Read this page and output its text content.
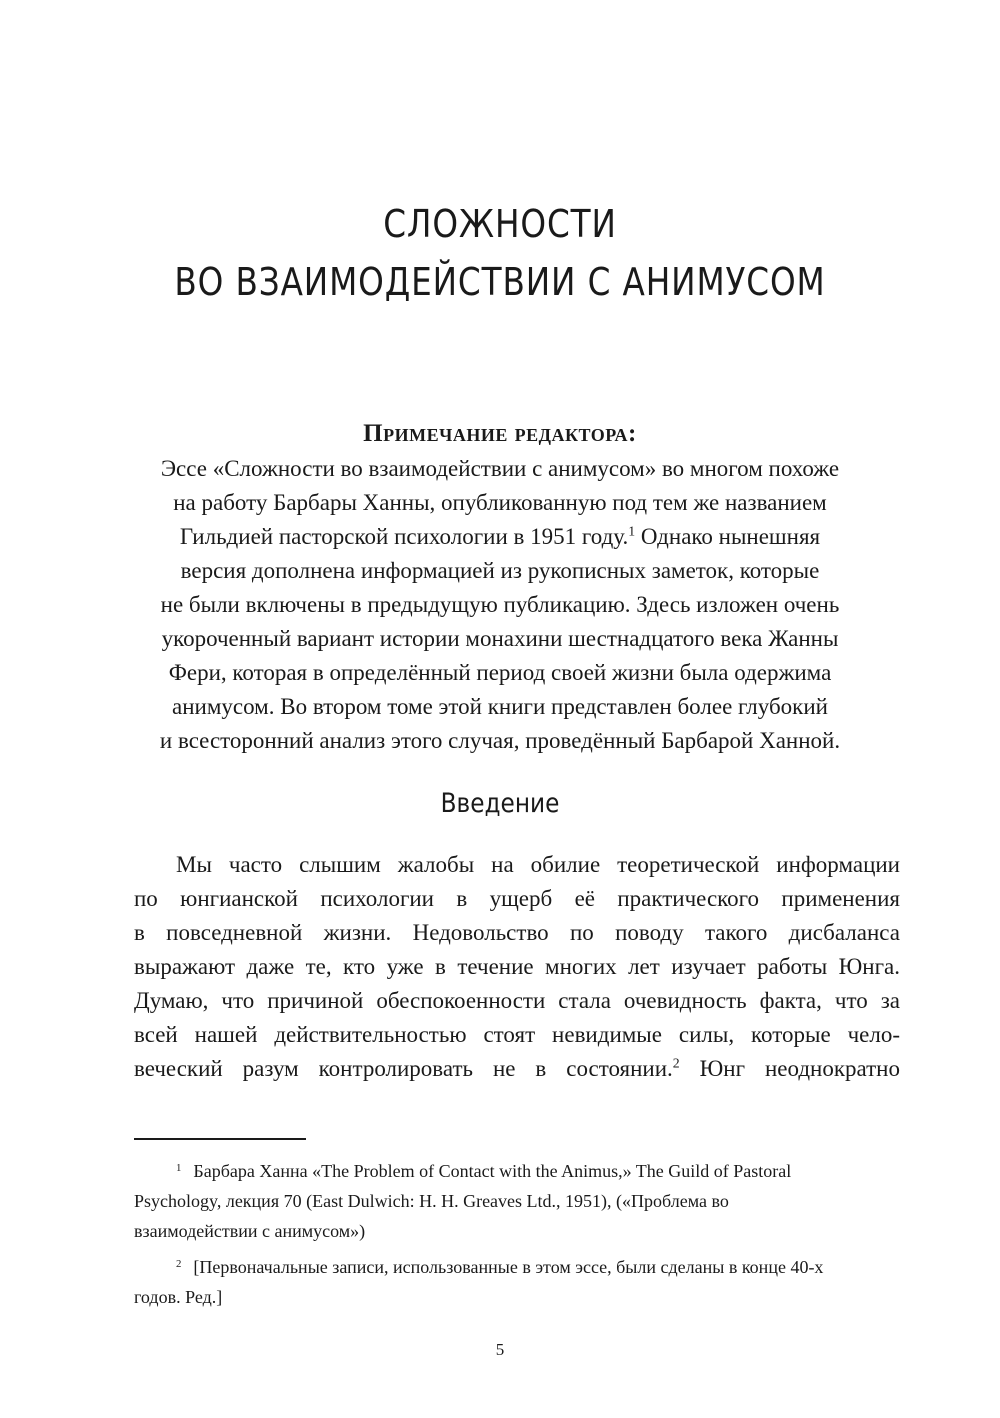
СЛОЖНОСТИ
ВО ВЗАИМОДЕЙСТВИИ С АНИМУСОМ
Примечание редактора:
Эссе «Сложности во взаимодействии с анимусом» во многом похоже
на работу Барбары Ханны, опубликованную под тем же названием
Гильдией пасторской психологии в 1951 году.$^1$ Однако нынешняя
версия дополнена информацией из рукописных заметок, которые
не были включены в предыдущую публикацию. Здесь изложен очень
укороченный вариант истории монахини шестнадцатого века Жанны
Фери, которая в определённый период своей жизни была одержима
анимусом. Во втором томе этой книги представлен более глубокий
и всесторонний анализ этого случая, проведённый Барбарой Ханной.
Введение
Мы часто слышим жалобы на обилие теоретической информации
по юнгианской психологии в ущерб её практического применения
в повседневной жизни. Недовольство по поводу такого дисбаланса
выражают даже те, кто уже в течение многих лет изучает работы Юнга.
Думаю, что причиной обеспокоенности стала очевидность факта, что за
всей нашей действительностью стоят невидимые силы, которые чело-
веческий разум контролировать не в состоянии.$^2$ Юнг неоднократно
$^1$ Барбара Ханна «The Problem of Contact with the Animus,» The Guild of Pastoral
Psychology, лекция 70 (East Dulwich: H. H. Greaves Ltd., 1951), («Проблема во
взаимодействии с анимусом»)
$^2$ [Первоначальные записи, использованные в этом эссе, были сделаны в конце 40-х
годов. Ред.]
5
